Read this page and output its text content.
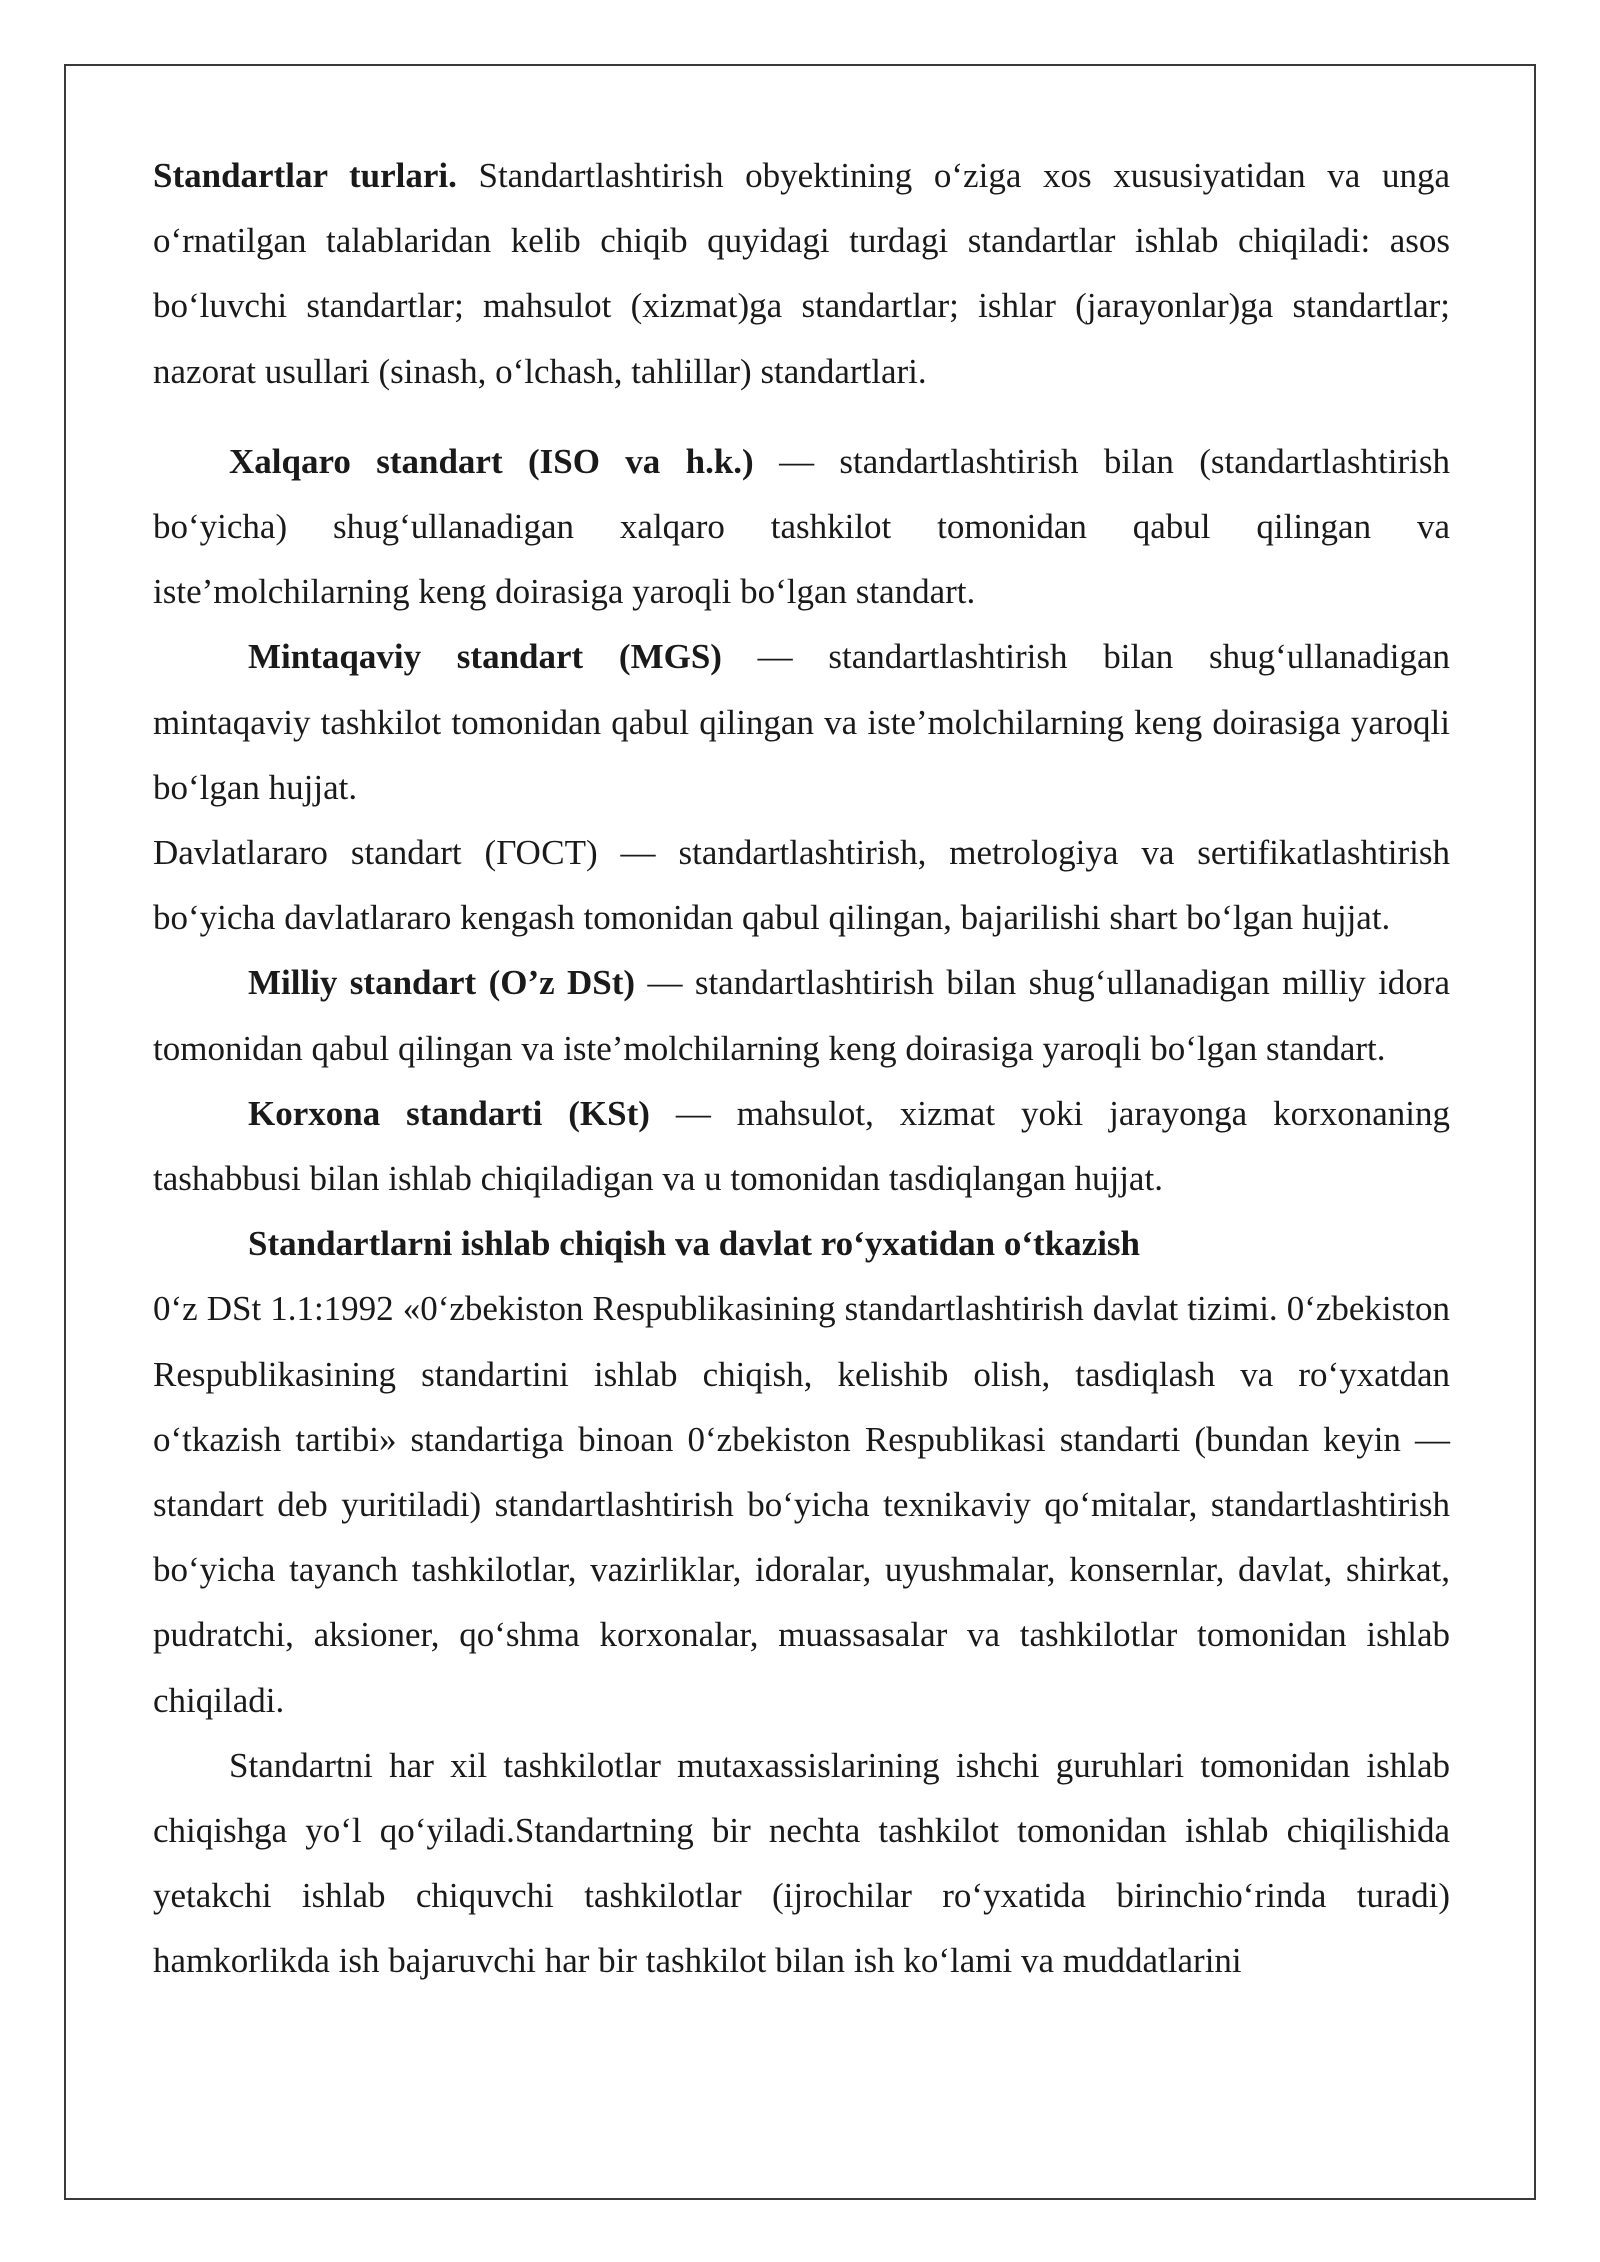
Standartlar turlari. Standartlashtirish obyektining o‘ziga xos xususiyatidan va unga o‘rnatilgan talablaridan kelib chiqib quyidagi turdagi standartlar ishlab chiqiladi: asos bo‘luvchi standartlar; mahsulot (xizmat)ga standartlar; ishlar (jarayonlar)ga standartlar; nazorat usullari (sinash, o‘lchash, tahlillar) standartlari.

Xalqaro standart (ISO va h.k.) — standartlashtirish bilan (standartlashtirish bo‘yicha) shug‘ullanadigan xalqaro tashkilot tomonidan qabul qilingan va iste’molchilarning keng doirasiga yaroqli bo‘lgan standart.

Mintaqaviy standart (MGS) — standartlashtirish bilan shug‘ullanadigan mintaqaviy tashkilot tomonidan qabul qilingan va iste’molchilarning keng doirasiga yaroqli bo‘lgan hujjat.

Davlatlararo standart (ГОСТ) — standartlashtirish, metrologiya va sertifikatlashtirish bo‘yicha davlatlararo kengash tomonidan qabul qilingan, bajarilishi shart bo‘lgan hujjat.

Milliy standart (O’z DSt) — standartlashtirish bilan shug‘ullanadigan milliy idora tomonidan qabul qilingan va iste’molchilarning keng doirasiga yaroqli bo‘lgan standart.

Korxona standarti (KSt) — mahsulot, xizmat yoki jarayonga korxonaning tashabbusi bilan ishlab chiqiladigan va u tomonidan tasdiqlangan hujjat.

Standartlarni ishlab chiqish va davlat ro‘yxatidan o‘tkazish

0‘z DSt 1.1:1992 «0‘zbekiston Respublikasining standartlashtirish davlat tizimi. 0‘zbekiston Respublikasining standartini ishlab chiqish, kelishib olish, tasdiqlash va ro‘yxatdan o‘tkazish tartibi» standartiga binoan 0‘zbekiston Respublikasi standarti (bundan keyin — standart deb yuritiladi) standartlashtirish bo‘yicha texnikaviy qo‘mitalar, standartlashtirish bo‘yicha tayanch tashkilotlar, vazirliklar, idoralar, uyushmalar, konsernlar, davlat, shirkat, pudratchi, aksioner, qo‘shma korxonalar, muassasalar va tashkilotlar tomonidan ishlab chiqiladi.

Standartni har xil tashkilotlar mutaxassislarining ishchi guruhlari tomonidan ishlab chiqishga yo‘l qo‘yiladi.Standartning bir nechta tashkilot tomonidan ishlab chiqilishida yetakchi ishlab chiquvchi tashkilotlar (ijrochilar ro‘yxatida birinchio‘rinda turadi) hamkorlikda ish bajaruvchi har bir tashkilot bilan ish ko‘lami va muddatlarini
